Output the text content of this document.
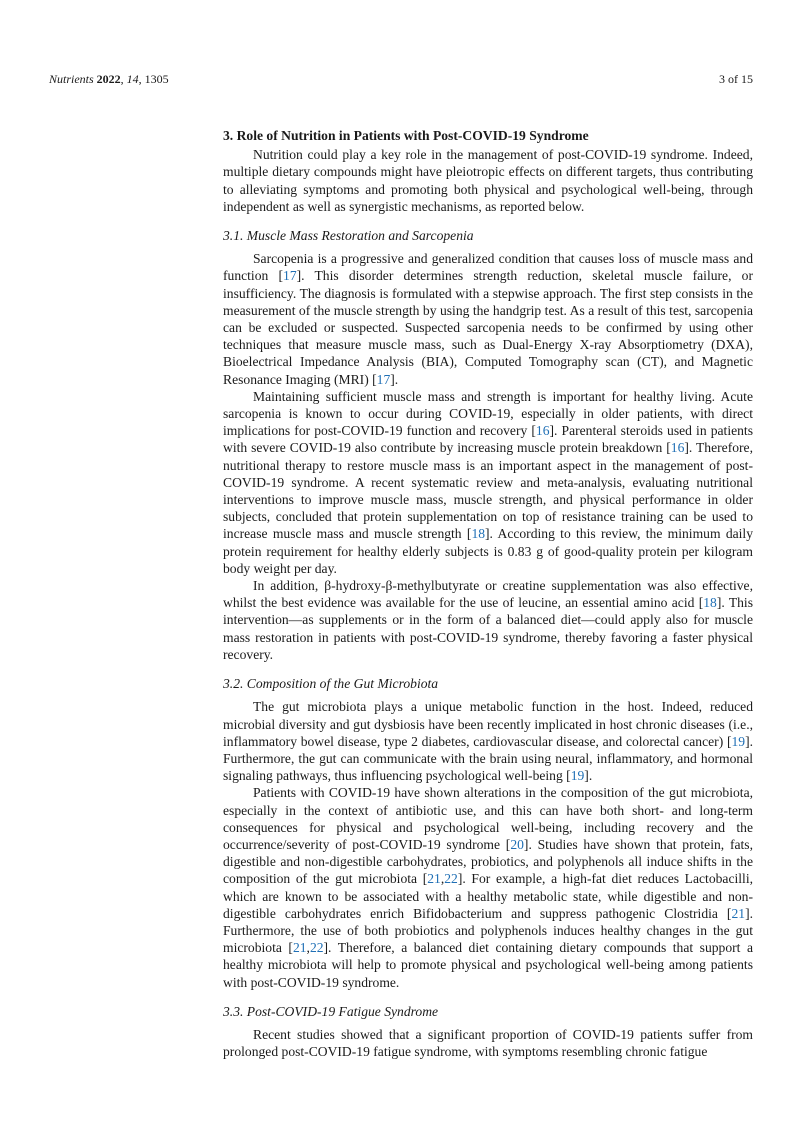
Nutrients 2022, 14, 1305	3 of 15
3. Role of Nutrition in Patients with Post-COVID-19 Syndrome

Nutrition could play a key role in the management of post-COVID-19 syndrome. Indeed, multiple dietary compounds might have pleiotropic effects on different targets, thus contributing to alleviating symptoms and promoting both physical and psychological well-being, through independent as well as synergistic mechanisms, as reported below.

3.1. Muscle Mass Restoration and Sarcopenia

Sarcopenia is a progressive and generalized condition that causes loss of muscle mass and function [17]. This disorder determines strength reduction, skeletal muscle failure, or insufficiency. The diagnosis is formulated with a stepwise approach. The first step consists in the measurement of the muscle strength by using the handgrip test. As a result of this test, sarcopenia can be excluded or suspected. Suspected sarcopenia needs to be confirmed by using other techniques that measure muscle mass, such as Dual-Energy X-ray Absorptiometry (DXA), Bioelectrical Impedance Analysis (BIA), Computed Tomography scan (CT), and Magnetic Resonance Imaging (MRI) [17].

Maintaining sufficient muscle mass and strength is important for healthy living. Acute sarcopenia is known to occur during COVID-19, especially in older patients, with direct implications for post-COVID-19 function and recovery [16]. Parenteral steroids used in patients with severe COVID-19 also contribute by increasing muscle protein breakdown [16]. Therefore, nutritional therapy to restore muscle mass is an important aspect in the management of post-COVID-19 syndrome. A recent systematic review and meta-analysis, evaluating nutritional interventions to improve muscle mass, muscle strength, and physical performance in older subjects, concluded that protein supplementation on top of resistance training can be used to increase muscle mass and muscle strength [18]. According to this review, the minimum daily protein requirement for healthy elderly subjects is 0.83 g of good-quality protein per kilogram body weight per day.

In addition, β-hydroxy-β-methylbutyrate or creatine supplementation was also effective, whilst the best evidence was available for the use of leucine, an essential amino acid [18]. This intervention—as supplements or in the form of a balanced diet—could apply also for muscle mass restoration in patients with post-COVID-19 syndrome, thereby favoring a faster physical recovery.

3.2. Composition of the Gut Microbiota

The gut microbiota plays a unique metabolic function in the host. Indeed, reduced microbial diversity and gut dysbiosis have been recently implicated in host chronic diseases (i.e., inflammatory bowel disease, type 2 diabetes, cardiovascular disease, and colorectal cancer) [19]. Furthermore, the gut can communicate with the brain using neural, inflammatory, and hormonal signaling pathways, thus influencing psychological well-being [19].

Patients with COVID-19 have shown alterations in the composition of the gut microbiota, especially in the context of antibiotic use, and this can have both short- and long-term consequences for physical and psychological well-being, including recovery and the occurrence/severity of post-COVID-19 syndrome [20]. Studies have shown that protein, fats, digestible and non-digestible carbohydrates, probiotics, and polyphenols all induce shifts in the composition of the gut microbiota [21,22]. For example, a high-fat diet reduces Lactobacilli, which are known to be associated with a healthy metabolic state, while digestible and non-digestible carbohydrates enrich Bifidobacterium and suppress pathogenic Clostridia [21]. Furthermore, the use of both probiotics and polyphenols induces healthy changes in the gut microbiota [21,22]. Therefore, a balanced diet containing dietary compounds that support a healthy microbiota will help to promote physical and psychological well-being among patients with post-COVID-19 syndrome.

3.3. Post-COVID-19 Fatigue Syndrome

Recent studies showed that a significant proportion of COVID-19 patients suffer from prolonged post-COVID-19 fatigue syndrome, with symptoms resembling chronic fatigue
